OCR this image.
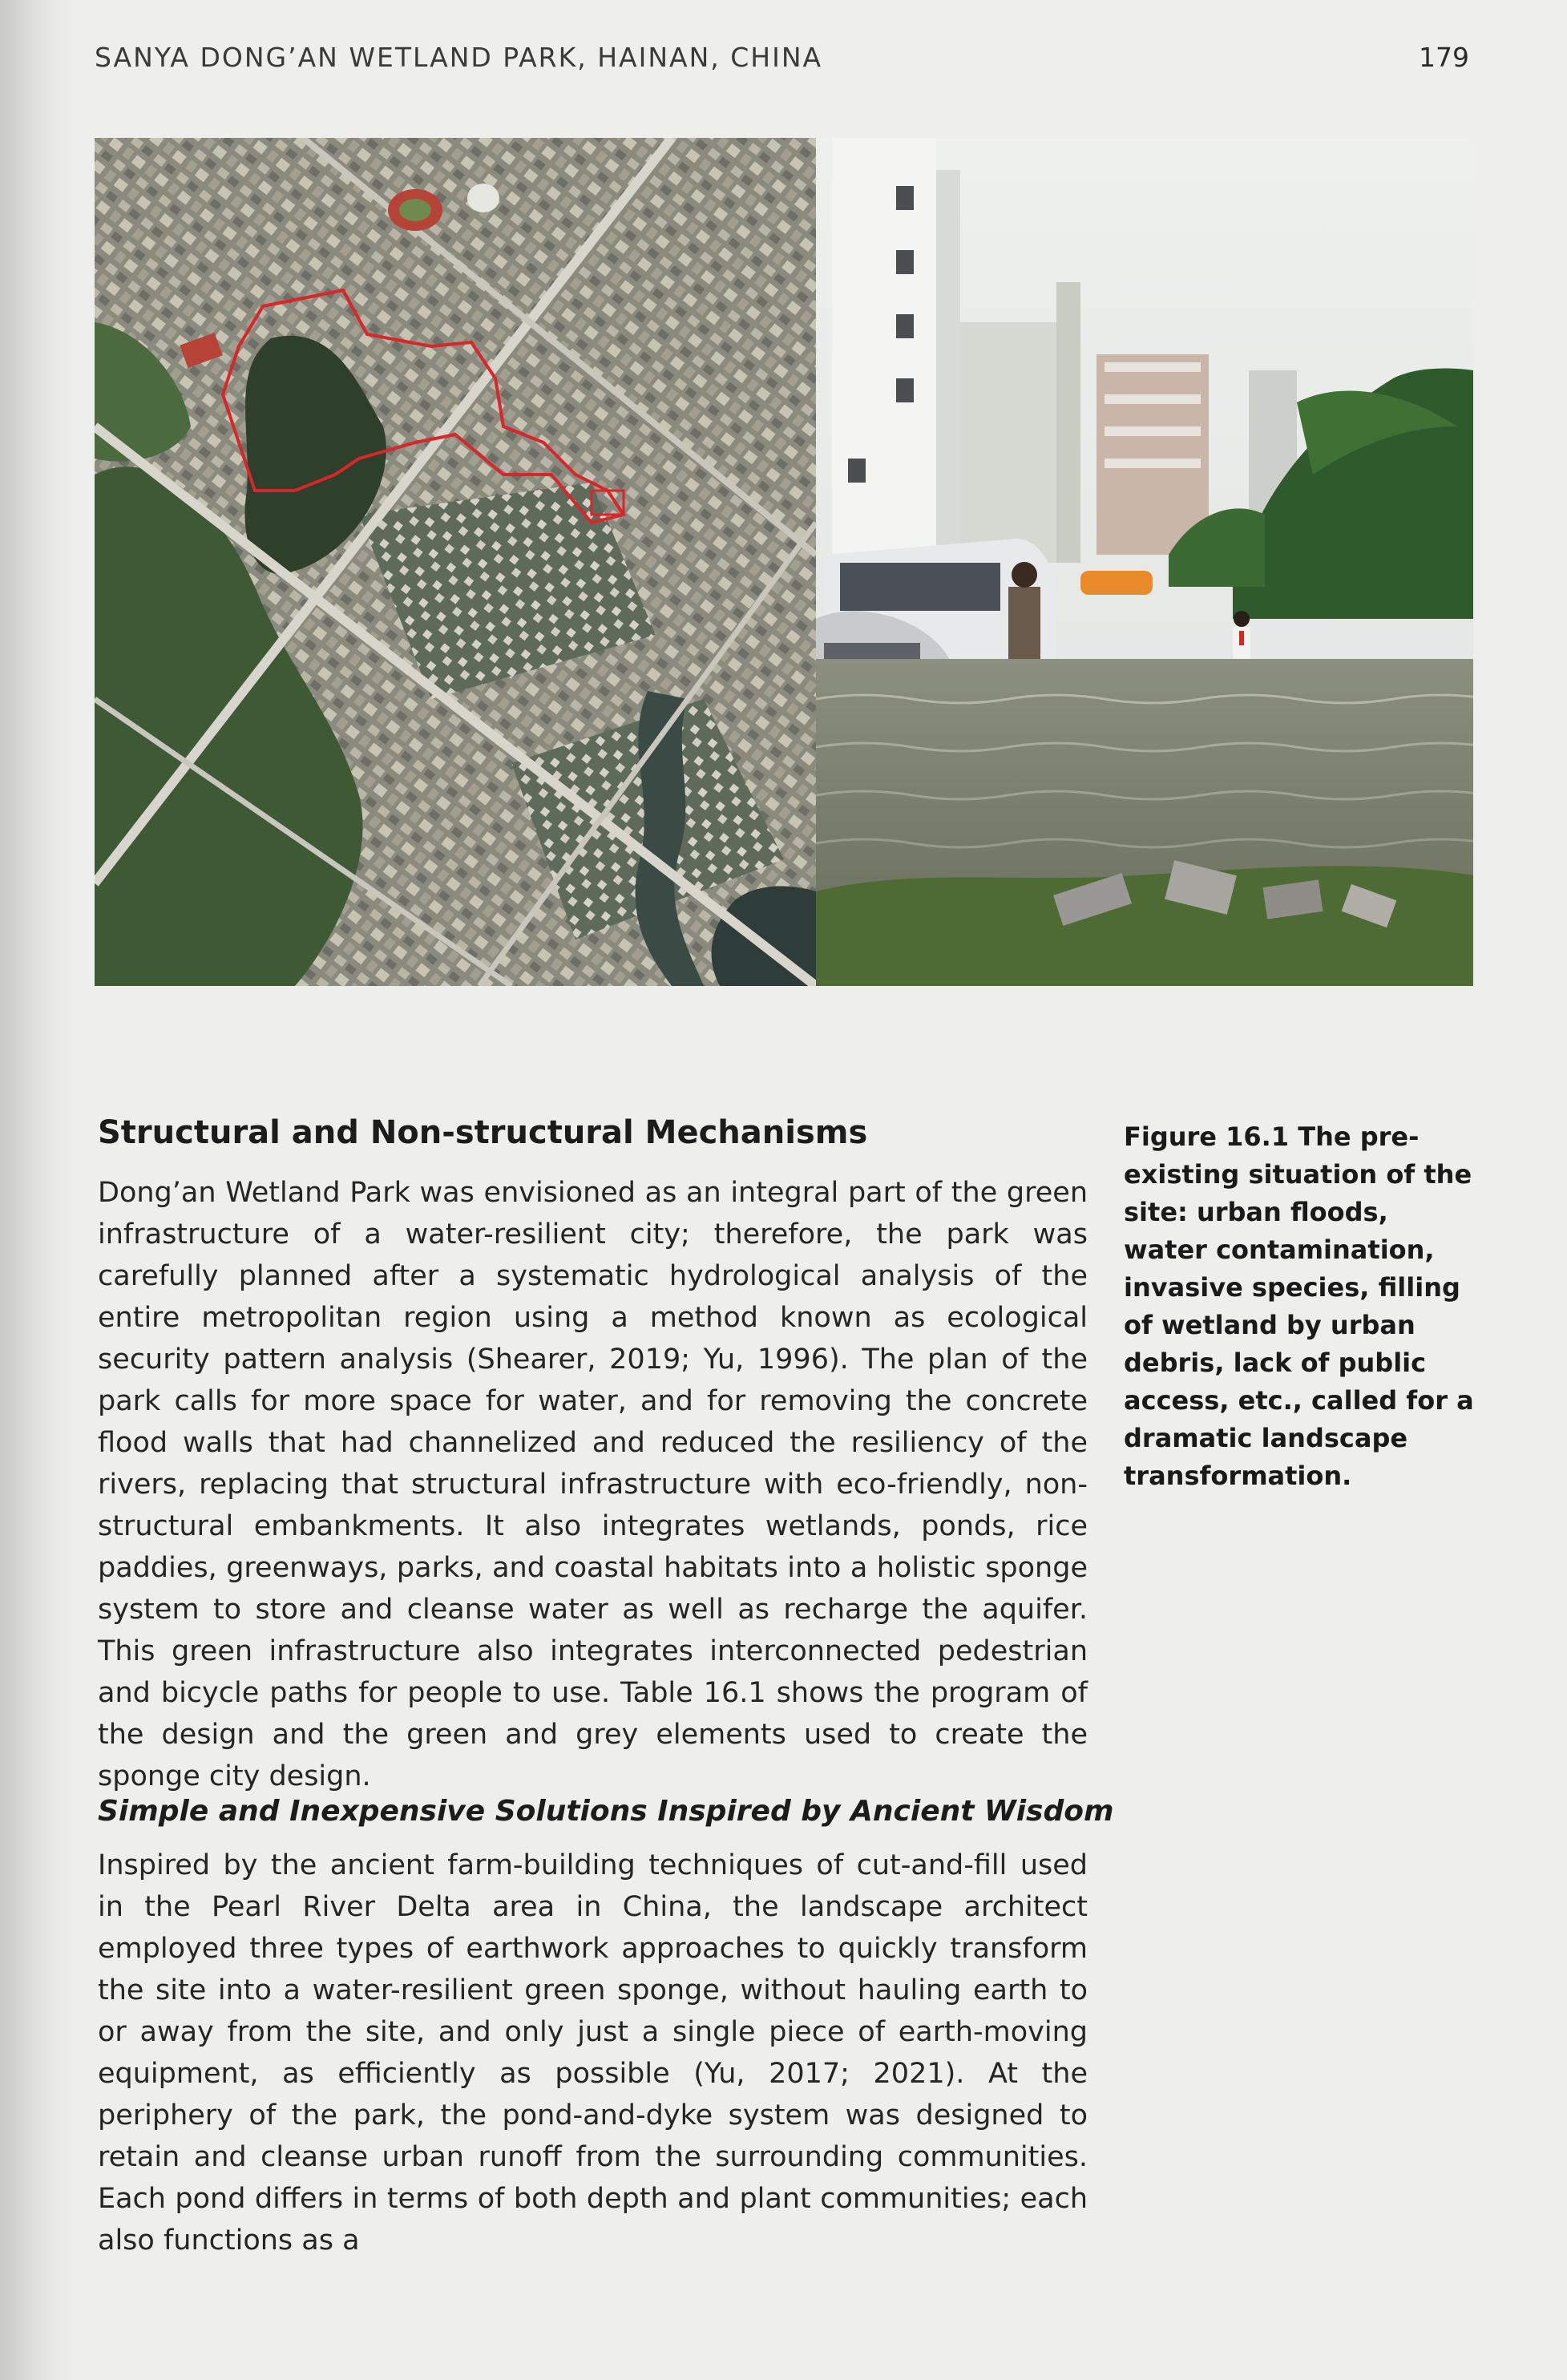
SANYA DONG’AN WETLAND PARK, HAINAN, CHINA	179
Structural and Non-structural Mechanisms

Dong’an Wetland Park was envisioned as an integral part of the green infrastructure of a water-resilient city; therefore, the park was carefully planned after a systematic hydrological analysis of the entire metropolitan region using a method known as ecological security pattern analysis (Shearer, 2019; Yu, 1996). The plan of the park calls for more space for water, and for removing the concrete flood walls that had channelized and reduced the resiliency of the rivers, replacing that structural infrastructure with eco-friendly, non-structural embankments. It also integrates wetlands, ponds, rice paddies, greenways, parks, and coastal habitats into a holistic sponge system to store and cleanse water as well as recharge the aquifer. This green infrastructure also integrates interconnected pedestrian and bicycle paths for people to use. Table 16.1 shows the program of the design and the green and grey elements used to create the sponge city design.

Simple and Inexpensive Solutions Inspired by Ancient Wisdom

Inspired by the ancient farm-building techniques of cut-and-fill used in the Pearl River Delta area in China, the landscape architect employed three types of earthwork approaches to quickly transform the site into a water-resilient green sponge, without hauling earth to or away from the site, and only just a single piece of earth-moving equipment, as efficiently as possible (Yu, 2017; 2021). At the periphery of the park, the pond-and-dyke system was designed to retain and cleanse urban runoff from the surrounding communities. Each pond differs in terms of both depth and plant communities; each also functions as a

Figure 16.1 The pre-existing situation of the site: urban floods, water contamination, invasive species, filling of wetland by urban debris, lack of public access, etc., called for a dramatic landscape transformation.
